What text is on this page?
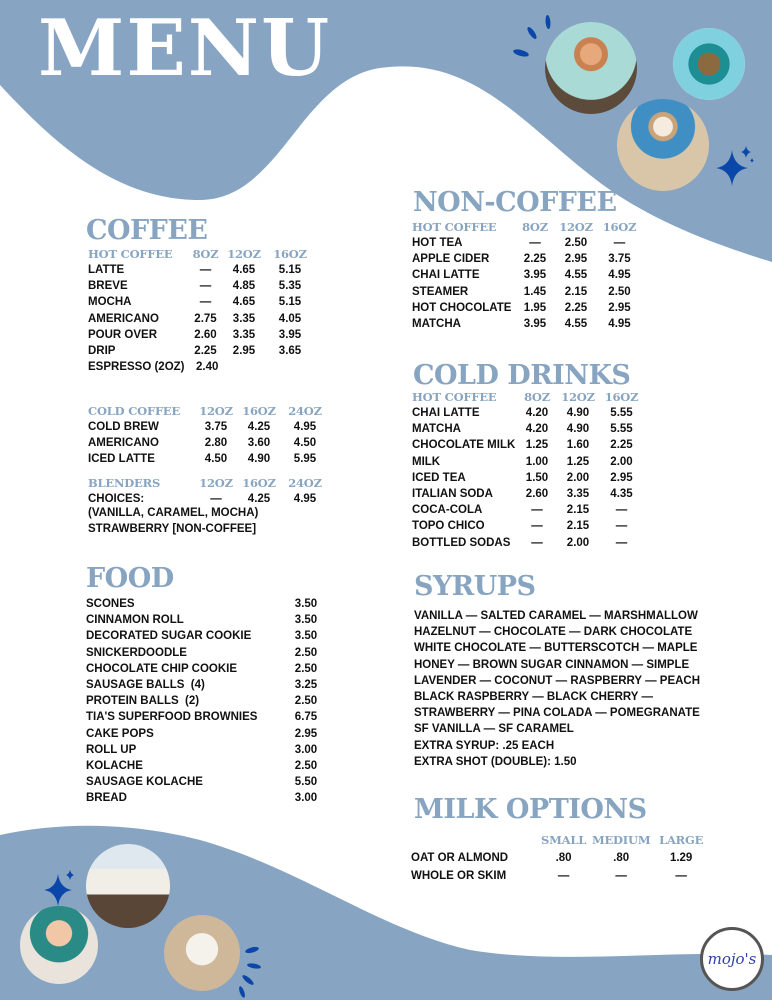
MENU
mojo's
COFFEE
HOT COFFEE	8OZ	12OZ	16OZ
LATTE	—	4.65	5.15
BREVE	—	4.85	5.35
MOCHA	—	4.65	5.15
AMERICANO	2.75	3.35	4.05
POUR OVER	2.60	3.35	3.95
DRIP	2.25	2.95	3.65
ESPRESSO (2OZ)	2.40		
COLD COFFEE	12OZ	16OZ	24OZ
COLD BREW	3.75	4.25	4.95
AMERICANO	2.80	3.60	4.50
ICED LATTE	4.50	4.90	5.95
BLENDERS	12OZ	16OZ	24OZ
CHOICES:	—	4.25	4.95
(VANILLA, CARAMEL, MOCHA)
STRAWBERRY [NON-COFFEE]
FOOD
SCONES	3.50
CINNAMON ROLL	3.50
DECORATED SUGAR COOKIE	3.50
SNICKERDOODLE	2.50
CHOCOLATE CHIP COOKIE	2.50
SAUSAGE BALLS  (4)	3.25
PROTEIN BALLS  (2)	2.50
TIA'S SUPERFOOD BROWNIES	6.75
CAKE POPS	2.95
ROLL UP	3.00
KOLACHE	2.50
SAUSAGE KOLACHE	5.50
BREAD	3.00
NON-COFFEE
HOT COFFEE	8OZ	12OZ	16OZ
HOT TEA	—	2.50	—
APPLE CIDER	2.25	2.95	3.75
CHAI LATTE	3.95	4.55	4.95
STEAMER	1.45	2.15	2.50
HOT CHOCOLATE	1.95	2.25	2.95
MATCHA	3.95	4.55	4.95
COLD DRINKS
HOT COFFEE	8OZ	12OZ	16OZ
CHAI LATTE	4.20	4.90	5.55
MATCHA	4.20	4.90	5.55
CHOCOLATE MILK	1.25	1.60	2.25
MILK	1.00	1.25	2.00
ICED TEA	1.50	2.00	2.95
ITALIAN SODA	2.60	3.35	4.35
COCA-COLA	—	2.15	—
TOPO CHICO	—	2.15	—
BOTTLED SODAS	—	2.00	—
SYRUPS
VANILLA — SALTED CARAMEL — MARSHMALLOW
HAZELNUT — CHOCOLATE — DARK CHOCOLATE
WHITE CHOCOLATE — BUTTERSCOTCH — MAPLE
HONEY — BROWN SUGAR CINNAMON — SIMPLE
LAVENDER — COCONUT — RASPBERRY — PEACH
BLACK RASPBERRY — BLACK CHERRY —
STRAWBERRY — PINA COLADA — POMEGRANATE
SF VANILLA — SF CARAMEL
EXTRA SYRUP: .25 EACH
EXTRA SHOT (DOUBLE): 1.50
MILK OPTIONS
	SMALL	MEDIUM	LARGE
OAT OR ALMOND	.80	.80	1.29
WHOLE OR SKIM	—	—	—
